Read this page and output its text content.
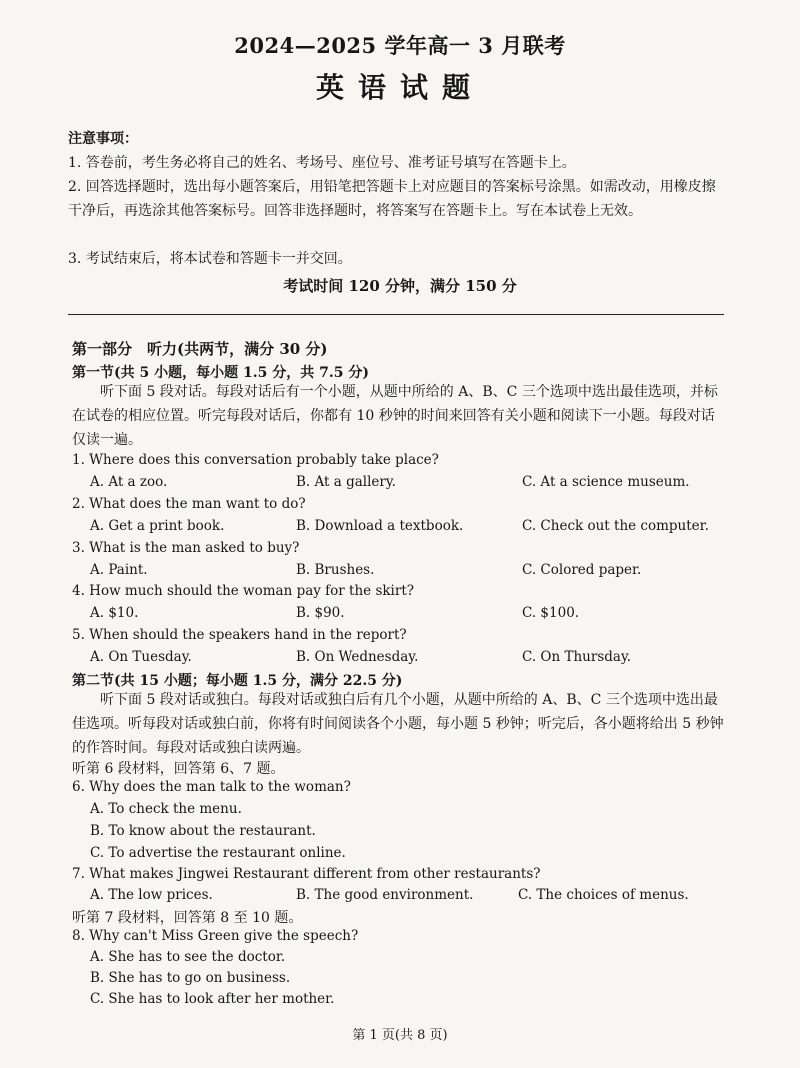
2024—2025 学年高一 3 月联考
英语试题
注意事项：
1. 答卷前，考生务必将自己的姓名、考场号、座位号、准考证号填写在答题卡上。
2. 回答选择题时，选出每小题答案后，用铅笔把答题卡上对应题目的答案标号涂黑。如需改动，用橡皮擦干净后，再选涂其他答案标号。回答非选择题时，将答案写在答题卡上。写在本试卷上无效。
3. 考试结束后，将本试卷和答题卡一并交回。
考试时间 120 分钟，满分 150 分
第一部分　听力(共两节，满分 30 分)
第一节(共 5 小题，每小题 1.5 分，共 7.5 分)
听下面 5 段对话。每段对话后有一个小题，从题中所给的 A、B、C 三个选项中选出最佳选项，并标在试卷的相应位置。听完每段对话后，你都有 10 秒钟的时间来回答有关小题和阅读下一小题。每段对话仅读一遍。
1. Where does this conversation probably take place?
A. At a zoo.	B. At a gallery.	C. At a science museum.
2. What does the man want to do?
A. Get a print book.	B. Download a textbook.	C. Check out the computer.
3. What is the man asked to buy?
A. Paint.	B. Brushes.	C. Colored paper.
4. How much should the woman pay for the skirt?
A. $10.	B. $90.	C. $100.
5. When should the speakers hand in the report?
A. On Tuesday.	B. On Wednesday.	C. On Thursday.
第二节(共 15 小题；每小题 1.5 分，满分 22.5 分)
听下面 5 段对话或独白。每段对话或独白后有几个小题，从题中所给的 A、B、C 三个选项中选出最佳选项。听每段对话或独白前，你将有时间阅读各个小题，每小题 5 秒钟；听完后，各小题将给出 5 秒钟的作答时间。每段对话或独白读两遍。
听第 6 段材料，回答第 6、7 题。
6. Why does the man talk to the woman?
A. To check the menu.
B. To know about the restaurant.
C. To advertise the restaurant online.
7. What makes Jingwei Restaurant different from other restaurants?
A. The low prices.	B. The good environment.	C. The choices of menus.
听第 7 段材料，回答第 8 至 10 题。
8. Why can't Miss Green give the speech?
A. She has to see the doctor.
B. She has to go on business.
C. She has to look after her mother.
第 1 页(共 8 页)
